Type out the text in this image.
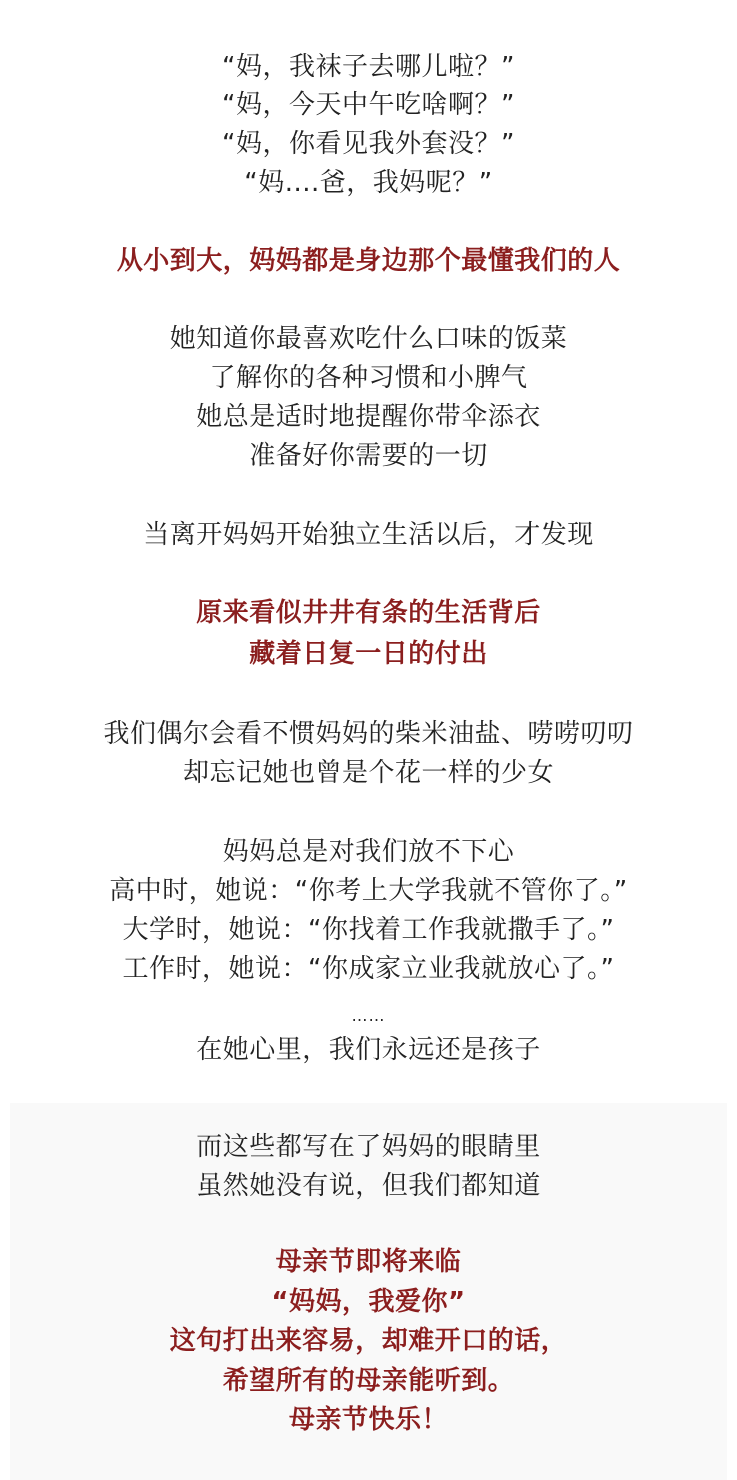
“妈，我袜子去哪儿啦？”
“妈，今天中午吃啥啊？”
“妈，你看见我外套没？”
“妈....爸，我妈呢？”
从小到大，妈妈都是身边那个最懂我们的人
她知道你最喜欢吃什么口味的饭菜
了解你的各种习惯和小脾气
她总是适时地提醒你带伞添衣
准备好你需要的一切
当离开妈妈开始独立生活以后，才发现
原来看似井井有条的生活背后
藏着日复一日的付出
我们偶尔会看不惯妈妈的柴米油盐、唠唠叨叨
却忘记她也曾是个花一样的少女
妈妈总是对我们放不下心
高中时，她说：“你考上大学我就不管你了。”
大学时，她说：“你找着工作我就撒手了。”
工作时，她说：“你成家立业我就放心了。”
……
在她心里，我们永远还是孩子
而这些都写在了妈妈的眼睛里
虽然她没有说，但我们都知道
母亲节即将来临
“妈妈，我爱你”
这句打出来容易，却难开口的话，
希望所有的母亲能听到。
母亲节快乐！
